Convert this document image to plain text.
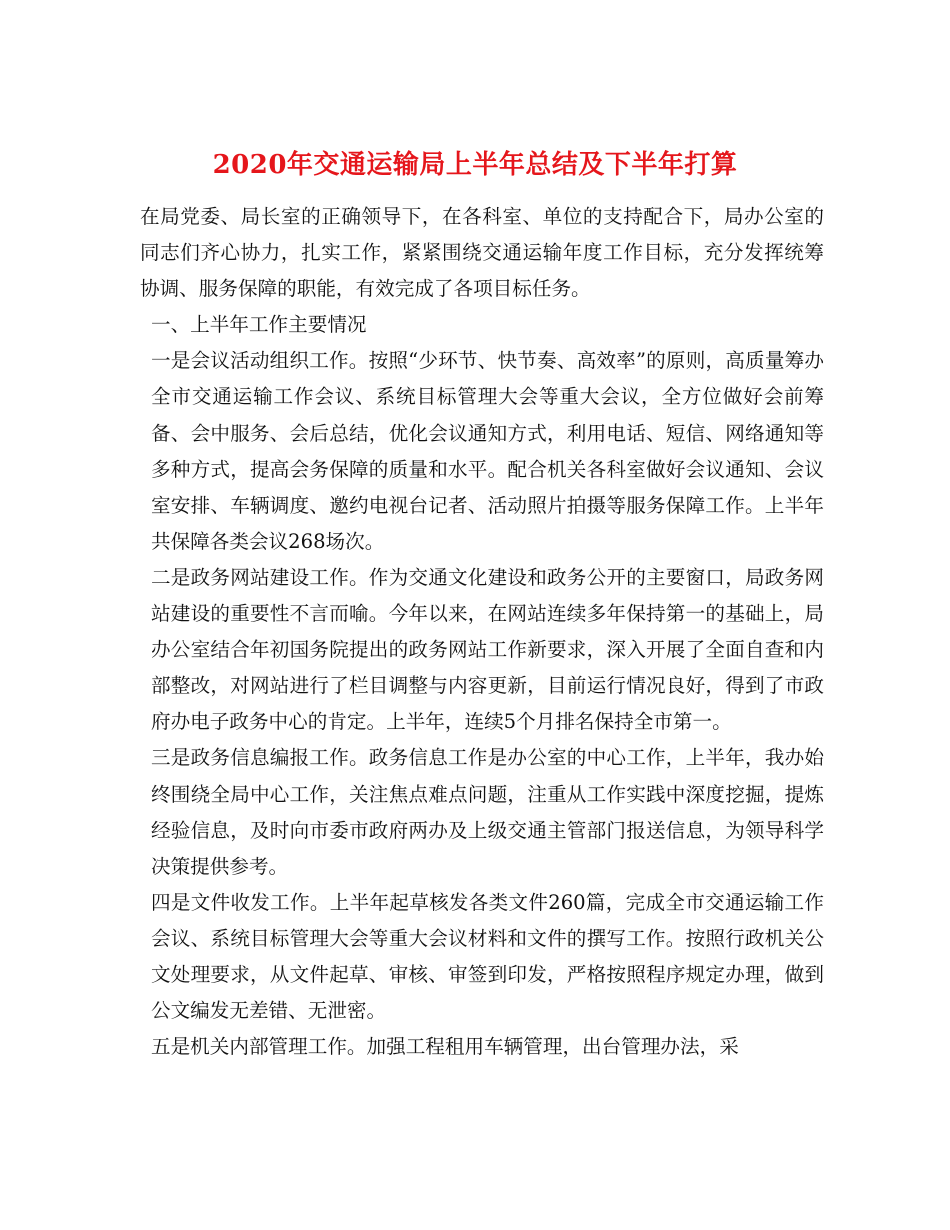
2020年交通运输局上半年总结及下半年打算

在局党委、局长室的正确领导下，在各科室、单位的支持配合下，局办公室的同志们齐心协力，扎实工作，紧紧围绕交通运输年度工作目标，充分发挥统筹协调、服务保障的职能，有效完成了各项目标任务。

一、上半年工作主要情况

一是会议活动组织工作。按照“少环节、快节奏、高效率”的原则，高质量筹办全市交通运输工作会议、系统目标管理大会等重大会议，全方位做好会前筹备、会中服务、会后总结，优化会议通知方式，利用电话、短信、网络通知等多种方式，提高会务保障的质量和水平。配合机关各科室做好会议通知、会议室安排、车辆调度、邀约电视台记者、活动照片拍摄等服务保障工作。上半年共保障各类会议268场次。

二是政务网站建设工作。作为交通文化建设和政务公开的主要窗口，局政务网站建设的重要性不言而喻。今年以来，在网站连续多年保持第一的基础上，局办公室结合年初国务院提出的政务网站工作新要求，深入开展了全面自查和内部整改，对网站进行了栏目调整与内容更新，目前运行情况良好，得到了市政府办电子政务中心的肯定。上半年，连续5个月排名保持全市第一。

三是政务信息编报工作。政务信息工作是办公室的中心工作，上半年，我办始终围绕全局中心工作，关注焦点难点问题，注重从工作实践中深度挖掘，提炼经验信息，及时向市委市政府两办及上级交通主管部门报送信息，为领导科学决策提供参考。

四是文件收发工作。上半年起草核发各类文件260篇，完成全市交通运输工作会议、系统目标管理大会等重大会议材料和文件的撰写工作。按照行政机关公文处理要求，从文件起草、审核、审签到印发，严格按照程序规定办理，做到公文编发无差错、无泄密。

五是机关内部管理工作。加强工程租用车辆管理，出台管理办法，采
